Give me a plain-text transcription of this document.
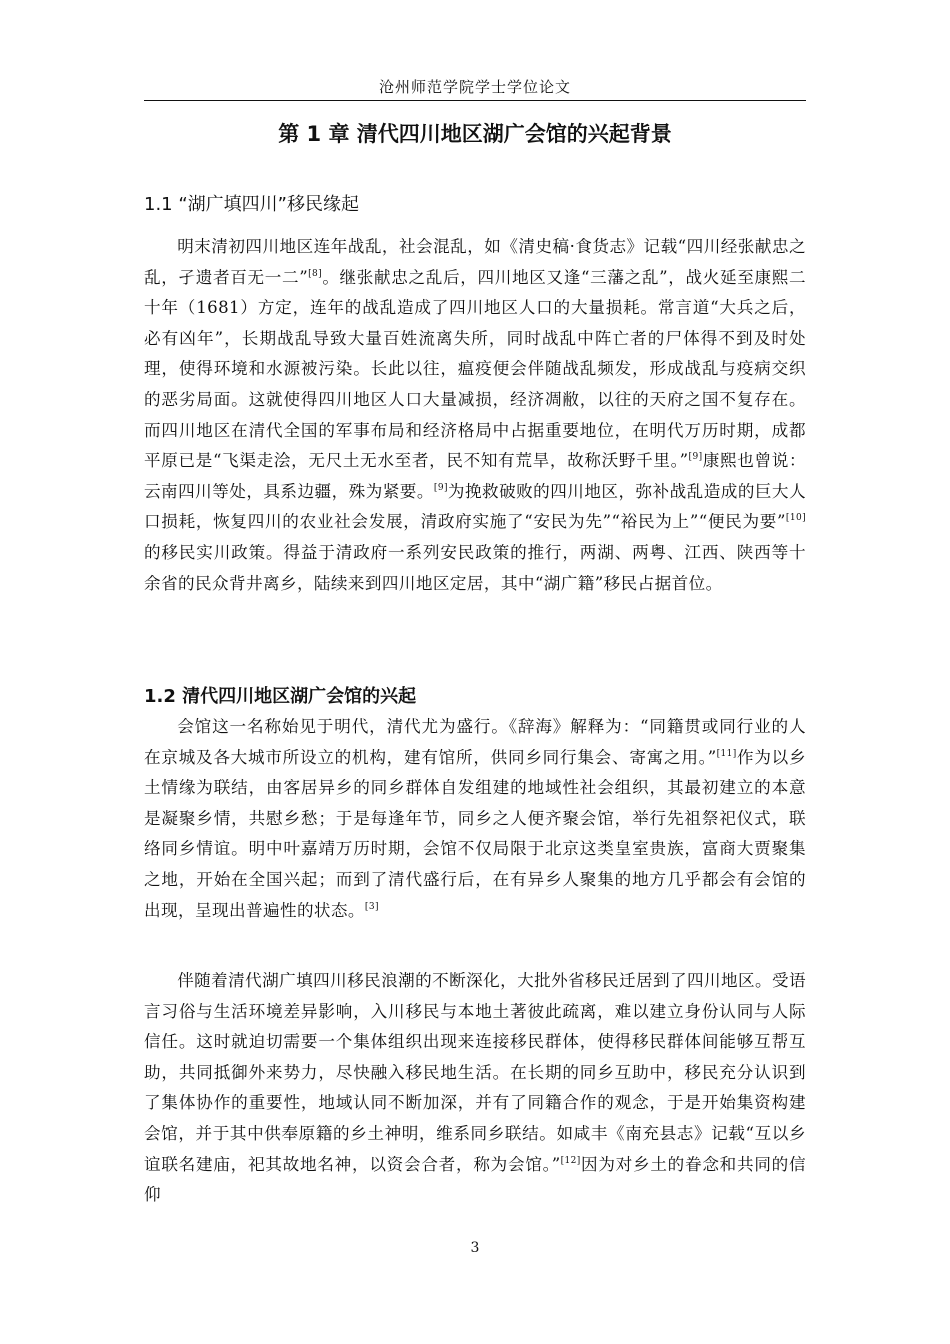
沧州师范学院学士学位论文
第 1 章 清代四川地区湖广会馆的兴起背景
1.1 “湖广填四川”移民缘起

明末清初四川地区连年战乱，社会混乱，如《清史稿·食货志》记载“四川经张献忠之乱，孑遗者百无一二”[8]。继张献忠之乱后，四川地区又逢“三藩之乱”，战火延至康熙二十年（1681）方定，连年的战乱造成了四川地区人口的大量损耗。常言道“大兵之后，必有凶年”，长期战乱导致大量百姓流离失所，同时战乱中阵亡者的尸体得不到及时处理，使得环境和水源被污染。长此以往，瘟疫便会伴随战乱频发，形成战乱与疫病交织的恶劣局面。这就使得四川地区人口大量减损，经济凋敝，以往的天府之国不复存在。而四川地区在清代全国的军事布局和经济格局中占据重要地位，在明代万历时期，成都平原已是“飞渠走浍，无尺土无水至者，民不知有荒旱，故称沃野千里。”[9]康熙也曾说：云南四川等处，具系边疆，殊为紧要。[9]为挽救破败的四川地区，弥补战乱造成的巨大人口损耗，恢复四川的农业社会发展，清政府实施了“安民为先”“裕民为上”“便民为要”[10]的移民实川政策。得益于清政府一系列安民政策的推行，两湖、两粤、江西、陕西等十余省的民众背井离乡，陆续来到四川地区定居，其中“湖广籍”移民占据首位。

1.2 清代四川地区湖广会馆的兴起

会馆这一名称始见于明代，清代尤为盛行。《辞海》解释为：“同籍贯或同行业的人在京城及各大城市所设立的机构，建有馆所，供同乡同行集会、寄寓之用。”[11]作为以乡土情缘为联结，由客居异乡的同乡群体自发组建的地域性社会组织，其最初建立的本意是凝聚乡情，共慰乡愁；于是每逢年节，同乡之人便齐聚会馆，举行先祖祭祀仪式，联络同乡情谊。明中叶嘉靖万历时期，会馆不仅局限于北京这类皇室贵族，富商大贾聚集之地，开始在全国兴起；而到了清代盛行后，在有异乡人聚集的地方几乎都会有会馆的出现，呈现出普遍性的状态。[3]

伴随着清代湖广填四川移民浪潮的不断深化，大批外省移民迁居到了四川地区。受语言习俗与生活环境差异影响，入川移民与本地土著彼此疏离，难以建立身份认同与人际信任。这时就迫切需要一个集体组织出现来连接移民群体，使得移民群体间能够互帮互助，共同抵御外来势力，尽快融入移民地生活。在长期的同乡互助中，移民充分认识到了集体协作的重要性，地域认同不断加深，并有了同籍合作的观念，于是开始集资构建会馆，并于其中供奉原籍的乡土神明，维系同乡联结。如咸丰《南充县志》记载“互以乡谊联名建庙，祀其故地名神，以资会合者，称为会馆。”[12]因为对乡土的眷念和共同的信仰

3
